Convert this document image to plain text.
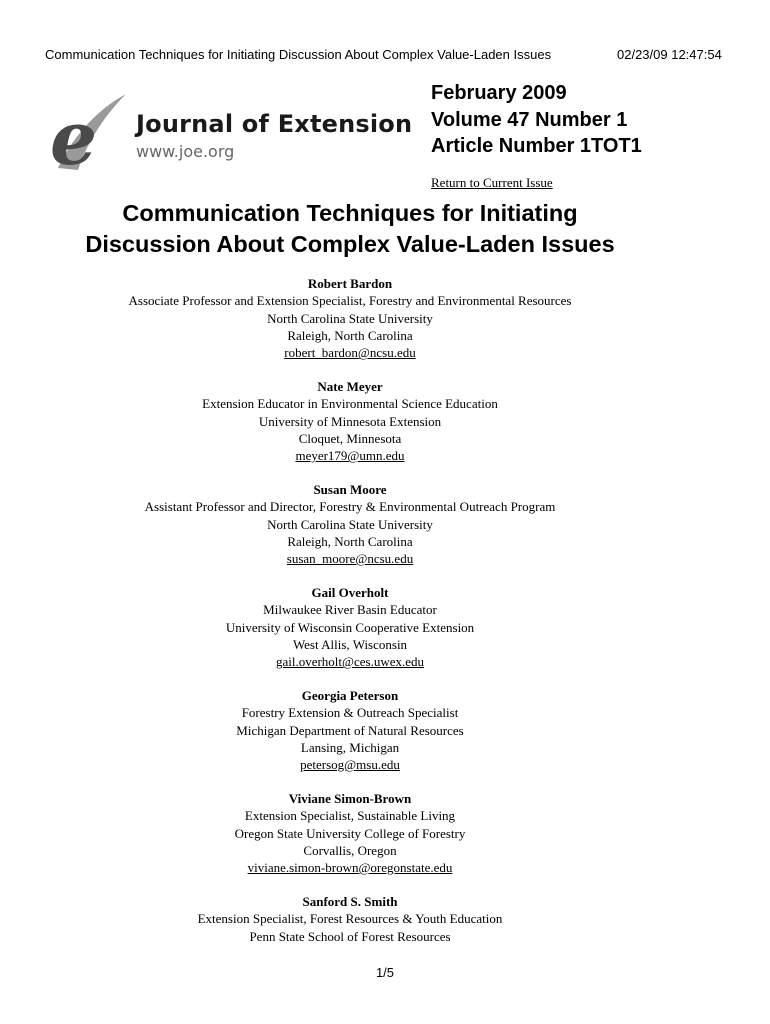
Communication Techniques for Initiating Discussion About Complex Value-Laden Issues	02/23/09 12:47:54
e Journal of Extension
www.joe.org
February 2009
Volume 47 Number 1
Article Number 1TOT1
Return to Current Issue
Communication Techniques for Initiating
Discussion About Complex Value-Laden Issues
Robert Bardon
Associate Professor and Extension Specialist, Forestry and Environmental Resources
North Carolina State University
Raleigh, North Carolina
robert_bardon@ncsu.edu
Nate Meyer
Extension Educator in Environmental Science Education
University of Minnesota Extension
Cloquet, Minnesota
meyer179@umn.edu
Susan Moore
Assistant Professor and Director, Forestry & Environmental Outreach Program
North Carolina State University
Raleigh, North Carolina
susan_moore@ncsu.edu
Gail Overholt
Milwaukee River Basin Educator
University of Wisconsin Cooperative Extension
West Allis, Wisconsin
gail.overholt@ces.uwex.edu
Georgia Peterson
Forestry Extension & Outreach Specialist
Michigan Department of Natural Resources
Lansing, Michigan
petersog@msu.edu
Viviane Simon-Brown
Extension Specialist, Sustainable Living
Oregon State University College of Forestry
Corvallis, Oregon
viviane.simon-brown@oregonstate.edu
Sanford S. Smith
Extension Specialist, Forest Resources & Youth Education
Penn State School of Forest Resources
1/5
